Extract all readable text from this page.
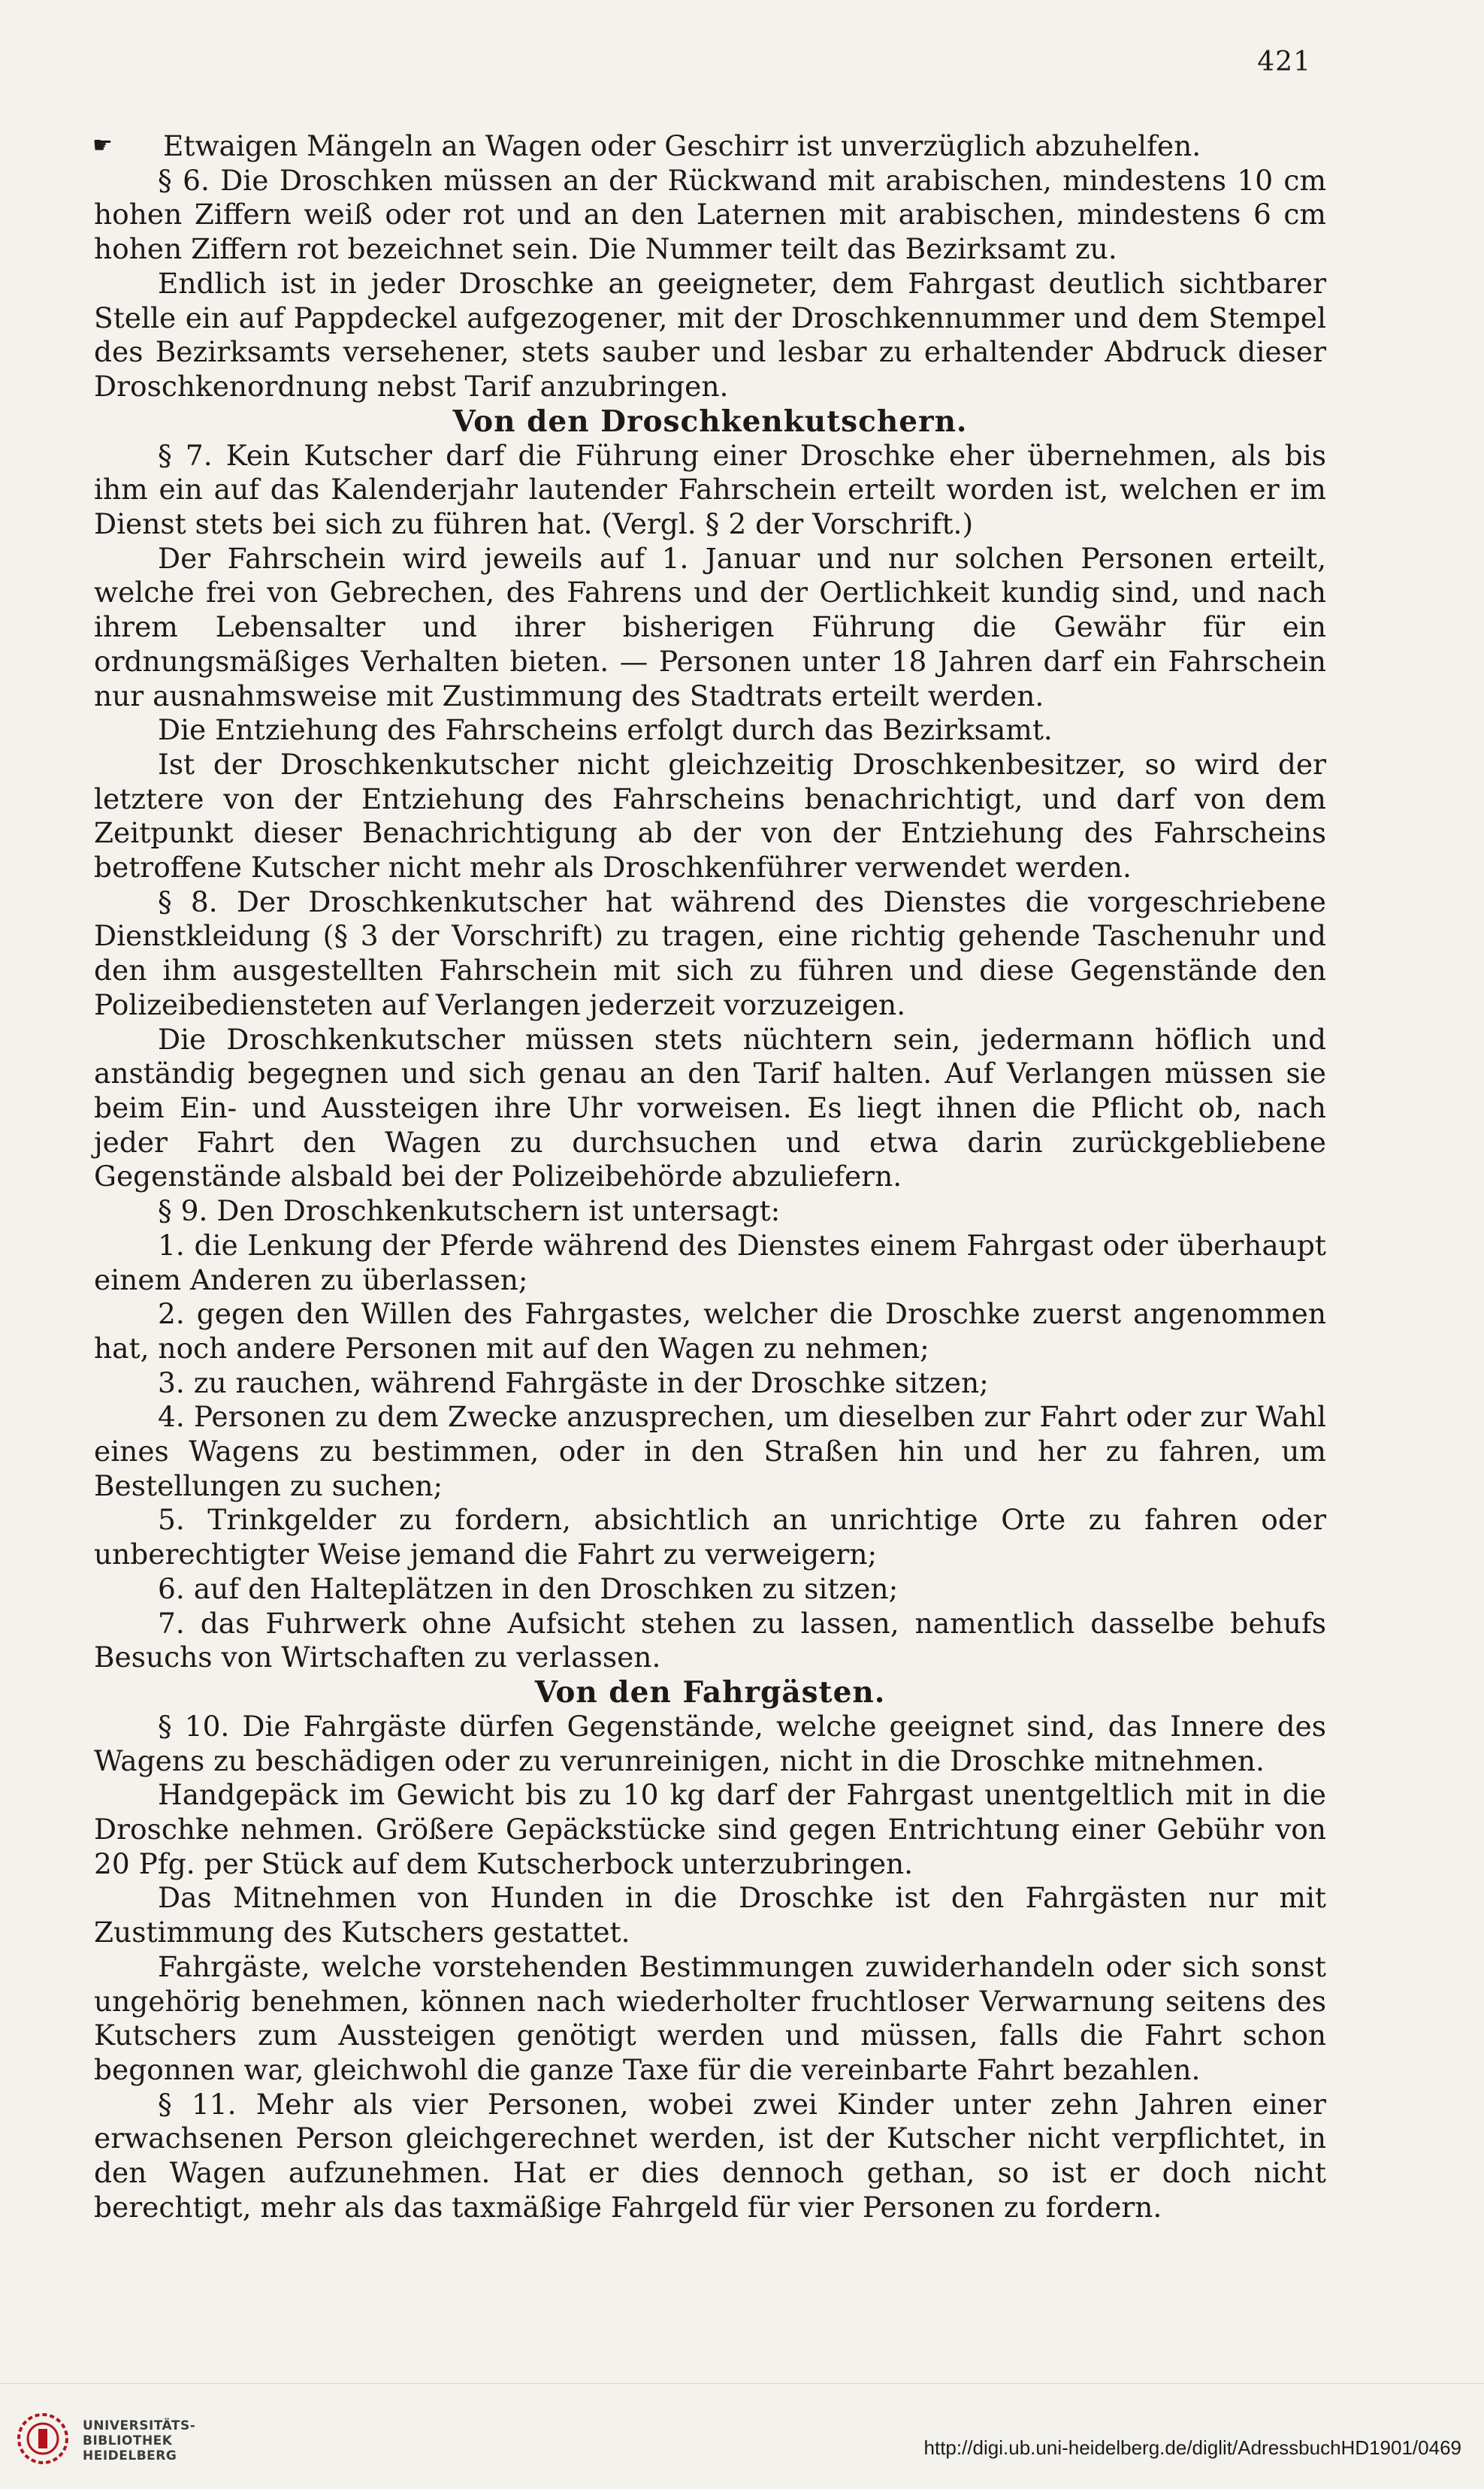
421
☛	Etwaigen Mängeln an Wagen oder Geschirr ist unverzüglich abzuhelfen.

§ 6. Die Droschken müssen an der Rückwand mit arabischen, mindestens 10 cm hohen Ziffern weiß oder rot und an den Laternen mit arabischen, mindestens 6 cm hohen Ziffern rot bezeichnet sein. Die Nummer teilt das Bezirksamt zu.

Endlich ist in jeder Droschke an geeigneter, dem Fahrgast deutlich sichtbarer Stelle ein auf Pappdeckel aufgezogener, mit der Droschkennummer und dem Stempel des Bezirksamts versehener, stets sauber und lesbar zu erhaltender Abdruck dieser Droschkenordnung nebst Tarif anzubringen.

Von den Droschkenkutschern.

§ 7. Kein Kutscher darf die Führung einer Droschke eher übernehmen, als bis ihm ein auf das Kalenderjahr lautender Fahrschein erteilt worden ist, welchen er im Dienst stets bei sich zu führen hat. (Vergl. § 2 der Vorschrift.)

Der Fahrschein wird jeweils auf 1. Januar und nur solchen Personen erteilt, welche frei von Gebrechen, des Fahrens und der Oertlichkeit kundig sind, und nach ihrem Lebensalter und ihrer bisherigen Führung die Gewähr für ein ordnungsmäßiges Verhalten bieten. — Personen unter 18 Jahren darf ein Fahrschein nur ausnahmsweise mit Zustimmung des Stadtrats erteilt werden.

Die Entziehung des Fahrscheins erfolgt durch das Bezirksamt.

Ist der Droschkenkutscher nicht gleichzeitig Droschkenbesitzer, so wird der letztere von der Entziehung des Fahrscheins benachrichtigt, und darf von dem Zeitpunkt dieser Benachrichtigung ab der von der Entziehung des Fahrscheins betroffene Kutscher nicht mehr als Droschkenführer verwendet werden.

§ 8. Der Droschkenkutscher hat während des Dienstes die vorgeschriebene Dienstkleidung (§ 3 der Vorschrift) zu tragen, eine richtig gehende Taschenuhr und den ihm ausgestellten Fahrschein mit sich zu führen und diese Gegenstände den Polizeibediensteten auf Verlangen jederzeit vorzuzeigen.

Die Droschkenkutscher müssen stets nüchtern sein, jedermann höflich und anständig begegnen und sich genau an den Tarif halten. Auf Verlangen müssen sie beim Ein- und Aussteigen ihre Uhr vorweisen. Es liegt ihnen die Pflicht ob, nach jeder Fahrt den Wagen zu durchsuchen und etwa darin zurückgebliebene Gegenstände alsbald bei der Polizeibehörde abzuliefern.

§ 9. Den Droschkenkutschern ist untersagt:

1. die Lenkung der Pferde während des Dienstes einem Fahrgast oder überhaupt einem Anderen zu überlassen;

2. gegen den Willen des Fahrgastes, welcher die Droschke zuerst angenommen hat, noch andere Personen mit auf den Wagen zu nehmen;

3. zu rauchen, während Fahrgäste in der Droschke sitzen;

4. Personen zu dem Zwecke anzusprechen, um dieselben zur Fahrt oder zur Wahl eines Wagens zu bestimmen, oder in den Straßen hin und her zu fahren, um Bestellungen zu suchen;

5. Trinkgelder zu fordern, absichtlich an unrichtige Orte zu fahren oder unberechtigter Weise jemand die Fahrt zu verweigern;

6. auf den Halteplätzen in den Droschken zu sitzen;

7. das Fuhrwerk ohne Aufsicht stehen zu lassen, namentlich dasselbe behufs Besuchs von Wirtschaften zu verlassen.

Von den Fahrgästen.

§ 10. Die Fahrgäste dürfen Gegenstände, welche geeignet sind, das Innere des Wagens zu beschädigen oder zu verunreinigen, nicht in die Droschke mitnehmen.

Handgepäck im Gewicht bis zu 10 kg darf der Fahrgast unentgeltlich mit in die Droschke nehmen. Größere Gepäckstücke sind gegen Entrichtung einer Gebühr von 20 Pfg. per Stück auf dem Kutscherbock unterzubringen.

Das Mitnehmen von Hunden in die Droschke ist den Fahrgästen nur mit Zustimmung des Kutschers gestattet.

Fahrgäste, welche vorstehenden Bestimmungen zuwiderhandeln oder sich sonst ungehörig benehmen, können nach wiederholter fruchtloser Verwarnung seitens des Kutschers zum Aussteigen genötigt werden und müssen, falls die Fahrt schon begonnen war, gleichwohl die ganze Taxe für die vereinbarte Fahrt bezahlen.

§ 11. Mehr als vier Personen, wobei zwei Kinder unter zehn Jahren einer erwachsenen Person gleichgerechnet werden, ist der Kutscher nicht verpflichtet, in den Wagen aufzunehmen. Hat er dies dennoch gethan, so ist er doch nicht berechtigt, mehr als das taxmäßige Fahrgeld für vier Personen zu fordern.

UNIVERSITÄTS-
BIBLIOTHEK
HEIDELBERG	http://digi.ub.uni-heidelberg.de/diglit/AdressbuchHD1901/0469
